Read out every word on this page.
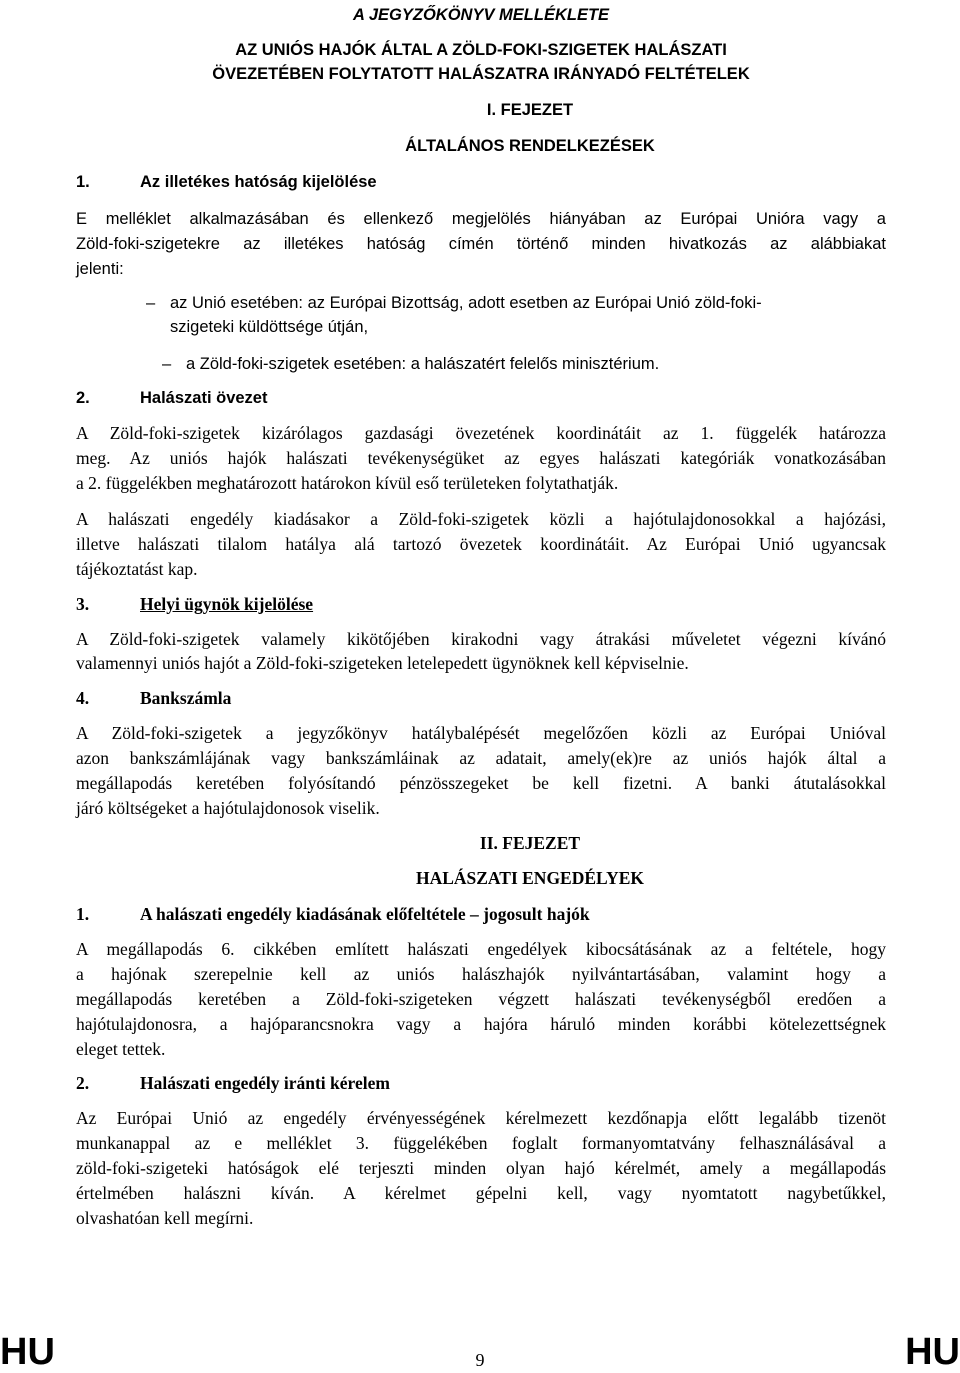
A JEGYZŐKÖNYV MELLÉKLETE
AZ UNIÓS HAJÓK ÁLTAL A ZÖLD-FOKI-SZIGETEK HALÁSZATI
ÖVEZETÉBEN FOLYTATOTT HALÁSZATRA IRÁNYADÓ FELTÉTELEK
I. FEJEZET
ÁLTALÁNOS RENDELKEZÉSEK
1.	Az illetékes hatóság kijelölése
E melléklet alkalmazásában és ellenkező megjelölés hiányában az Európai Unióra vagy a
Zöld-foki-szigetekre az illetékes hatóság címén történő minden hivatkozás az alábbiakat
jelenti:
– az Unió esetében: az Európai Bizottság, adott esetben az Európai Unió zöld-foki-
szigeteki küldöttsége útján,
– a Zöld-foki-szigetek esetében: a halászatért felelős minisztérium.
2.	Halászati övezet
A Zöld-foki-szigetek kizárólagos gazdasági övezetének koordinátáit az 1. függelék határozza
meg. Az uniós hajók halászati tevékenységüket az egyes halászati kategóriák vonatkozásában
a 2. függelékben meghatározott határokon kívül eső területeken folytathatják.
A halászati engedély kiadásakor a Zöld-foki-szigetek közli a hajótulajdonosokkal a hajózási,
illetve halászati tilalom hatálya alá tartozó övezetek koordinátáit. Az Európai Unió ugyancsak
tájékoztatást kap.
3.	Helyi ügynök kijelölése
A Zöld-foki-szigetek valamely kikötőjében kirakodni vagy átrakási műveletet végezni kívánó
valamennyi uniós hajót a Zöld-foki-szigeteken letelepedett ügynöknek kell képviselnie.
4.	Bankszámla
A Zöld-foki-szigetek a jegyzőkönyv hatálybalépését megelőzően közli az Európai Unióval
azon bankszámlájának vagy bankszámláinak az adatait, amely(ek)re az uniós hajók által a
megállapodás keretében folyósítandó pénzösszegeket be kell fizetni. A banki átutalásokkal
járó költségeket a hajótulajdonosok viselik.
II. FEJEZET
HALÁSZATI ENGEDÉLYEK
1.	A halászati engedély kiadásának előfeltétele – jogosult hajók
A megállapodás 6. cikkében említett halászati engedélyek kibocsátásának az a feltétele, hogy
a hajónak szerepelnie kell az uniós halászhajók nyilvántartásában, valamint hogy a
megállapodás keretében a Zöld-foki-szigeteken végzett halászati tevékenységből eredően a
hajótulajdonosra, a hajóparancsnokra vagy a hajóra háruló minden korábbi kötelezettségnek
eleget tettek.
2.	Halászati engedély iránti kérelem
Az Európai Unió az engedély érvényességének kérelmezett kezdőnapja előtt legalább tizenöt
munkanappal az e melléklet 3. függelékében foglalt formanyomtatvány felhasználásával a
zöld-foki-szigeteki hatóságok elé terjeszti minden olyan hajó kérelmét, amely a megállapodás
értelmében halászni kíván. A kérelmet gépelni kell, vagy nyomtatott nagybetűkkel,
olvashatóan kell megírni.
HU	HU
9
